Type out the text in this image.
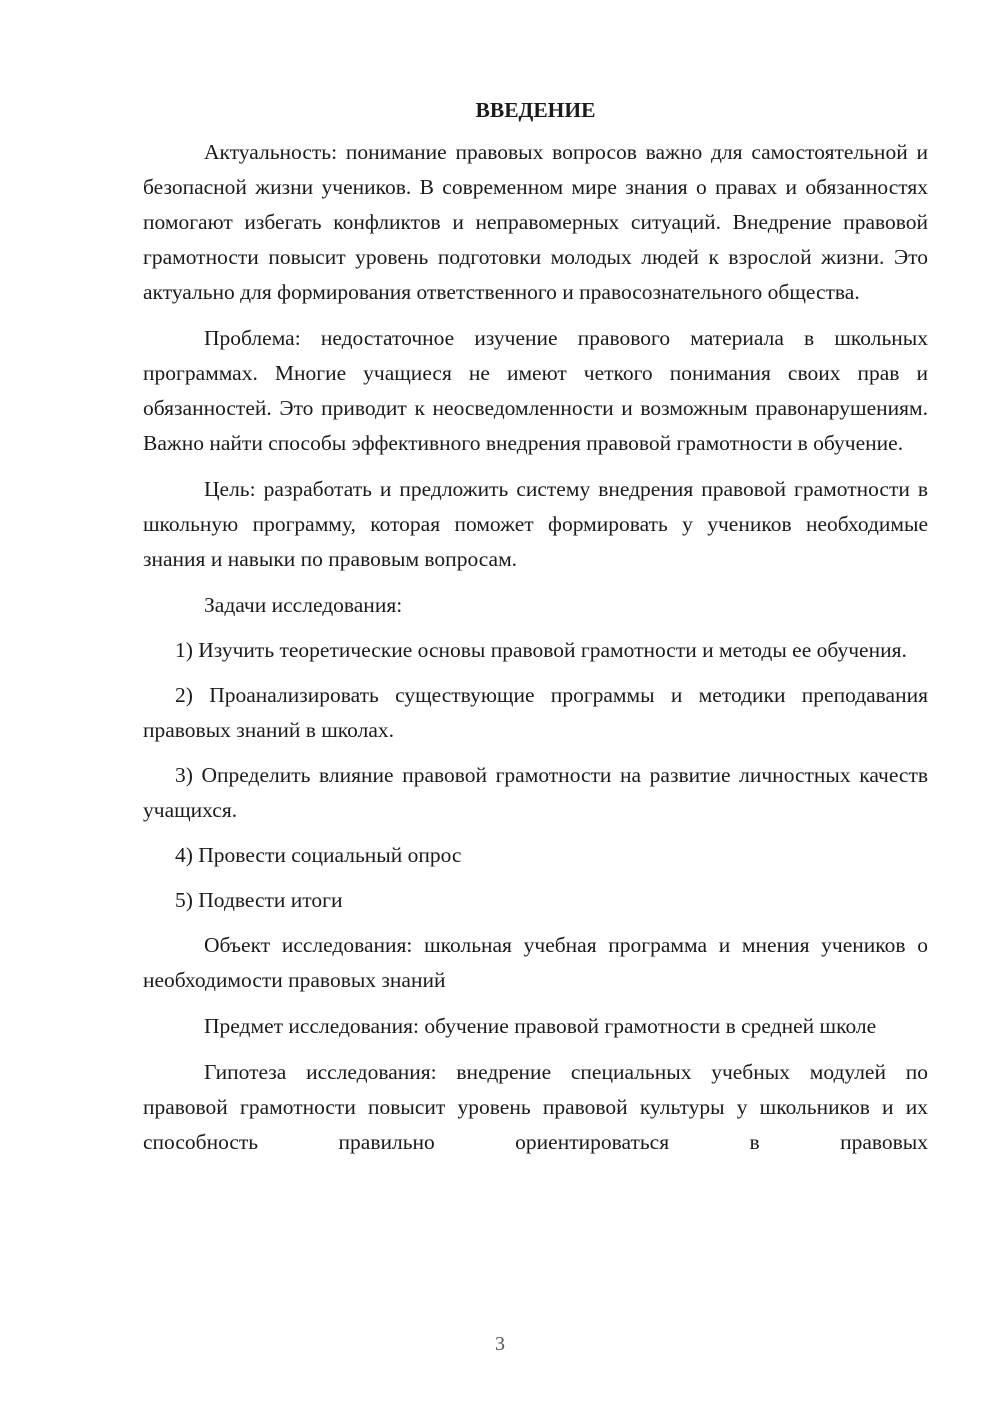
ВВЕДЕНИЕ

Актуальность: понимание правовых вопросов важно для самостоятельной и безопасной жизни учеников. В современном мире знания о правах и обязанностях помогают избегать конфликтов и неправомерных ситуаций. Внедрение правовой грамотности повысит уровень подготовки молодых людей к взрослой жизни. Это актуально для формирования ответственного и правосознательного общества.

Проблема: недостаточное изучение правового материала в школьных программах. Многие учащиеся не имеют четкого понимания своих прав и обязанностей. Это приводит к неосведомленности и возможным правонарушениям. Важно найти способы эффективного внедрения правовой грамотности в обучение.

Цель: разработать и предложить систему внедрения правовой грамотности в школьную программу, которая поможет формировать у учеников необходимые знания и навыки по правовым вопросам.

Задачи исследования:

1) Изучить теоретические основы правовой грамотности и методы ее обучения.

2) Проанализировать существующие программы и методики преподавания правовых знаний в школах.

3) Определить влияние правовой грамотности на развитие личностных качеств учащихся.

4) Провести социальный опрос

5) Подвести итоги

Объект исследования: школьная учебная программа и мнения учеников о необходимости правовых знаний

Предмет исследования: обучение правовой грамотности в средней школе

Гипотеза исследования: внедрение специальных учебных модулей по правовой грамотности повысит уровень правовой культуры у школьников и их способность правильно ориентироваться в правовых

3
